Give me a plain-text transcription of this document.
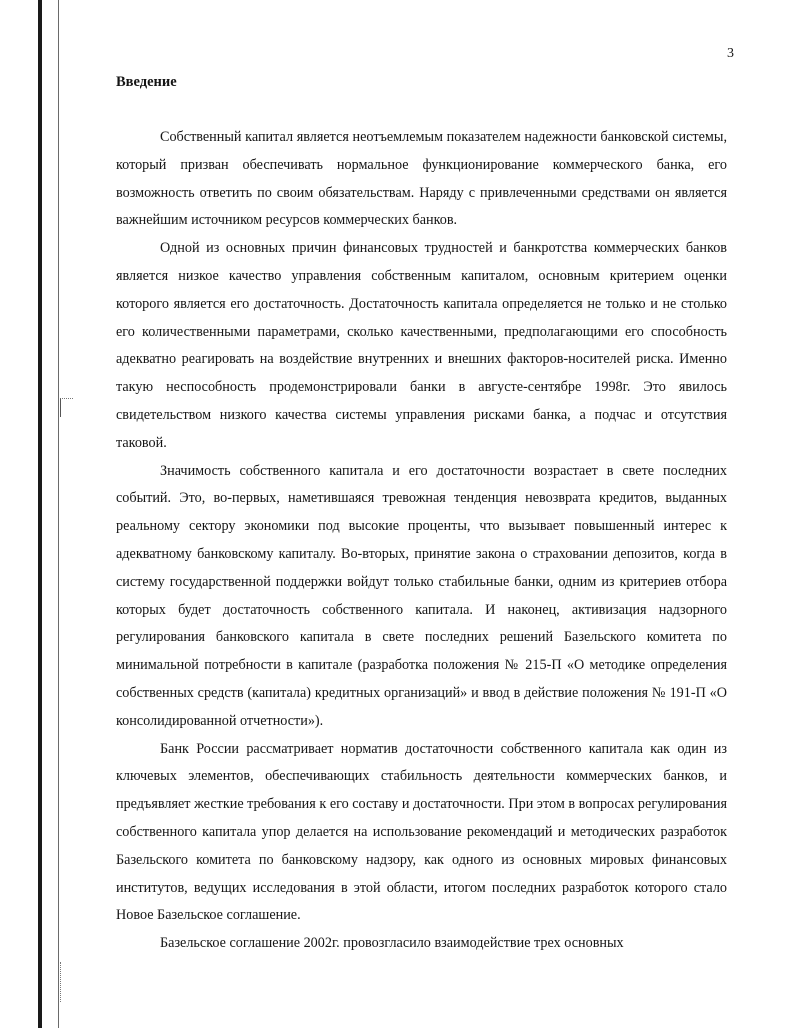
3
Введение

Собственный капитал является неотъемлемым показателем надежности банковской системы, который призван обеспечивать нормальное функционирование коммерческого банка, его возможность ответить по своим обязательствам. Наряду с привлеченными средствами он является важнейшим источником ресурсов коммерческих банков.

Одной из основных причин финансовых трудностей и банкротства коммерческих банков является низкое качество управления собственным капиталом, основным критерием оценки которого является его достаточность. Достаточность капитала определяется не только и не столько его количественными параметрами, сколько качественными, предполагающими его способность адекватно реагировать на воздействие внутренних и внешних факторов-носителей риска. Именно такую неспособность продемонстрировали банки в августе-сентябре 1998г. Это явилось свидетельством низкого качества системы управления рисками банка, а подчас и отсутствия таковой.

Значимость собственного капитала и его достаточности возрастает в свете последних событий. Это, во-первых, наметившаяся тревожная тенденция невозврата кредитов, выданных реальному сектору экономики под высокие проценты, что вызывает повышенный интерес к адекватному банковскому капиталу. Во-вторых, принятие закона о страховании депозитов, когда в систему государственной поддержки войдут только стабильные банки, одним из критериев отбора которых будет достаточность собственного капитала. И наконец, активизация надзорного регулирования банковского капитала в свете последних решений Базельского комитета по минимальной потребности в капитале (разработка положения № 215-П «О методике определения собственных средств (капитала) кредитных организаций» и ввод в действие положения № 191-П «О консолидированной отчетности»).

Банк России рассматривает норматив достаточности собственного капитала как один из ключевых элементов, обеспечивающих стабильность деятельности коммерческих банков, и предъявляет жесткие требования к его составу и достаточности. При этом в вопросах регулирования собственного капитала упор делается на использование рекомендаций и методических разработок Базельского комитета по банковскому надзору, как одного из основных мировых финансовых институтов, ведущих исследования в этой области, итогом последних разработок которого стало Новое Базельское соглашение.

Базельское соглашение 2002г. провозгласило взаимодействие трех основных
